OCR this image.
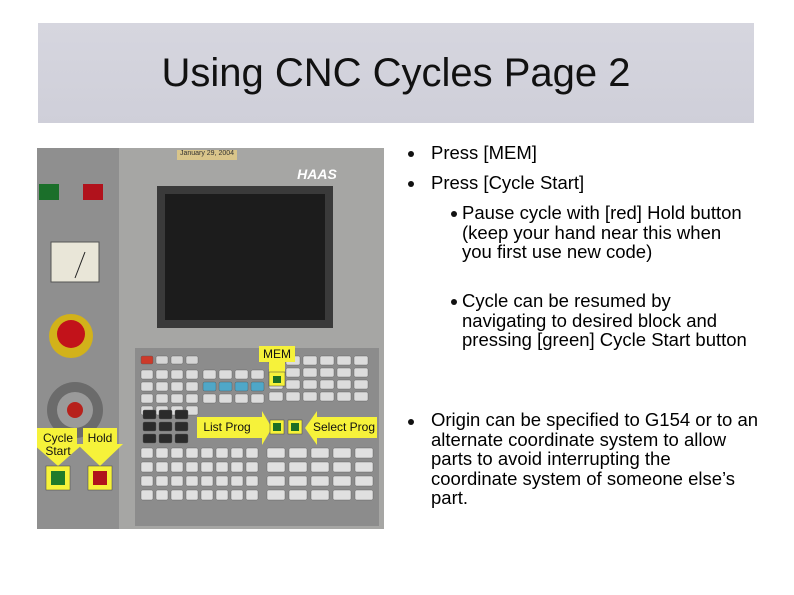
Using CNC Cycles Page 2
MEM
List Prog	Select Prog
Cycle Start
Hold
January 29, 2004
HAAS
Press [MEM]
Press [Cycle Start]
Pause cycle with [red] Hold button (keep your hand near this when you first use new code)
Cycle can be resumed by navigating to desired block and pressing [green] Cycle Start button
Origin can be specified to G154 or to an alternate coordinate system to allow parts to avoid interrupting the coordinate system of someone else’s part.
